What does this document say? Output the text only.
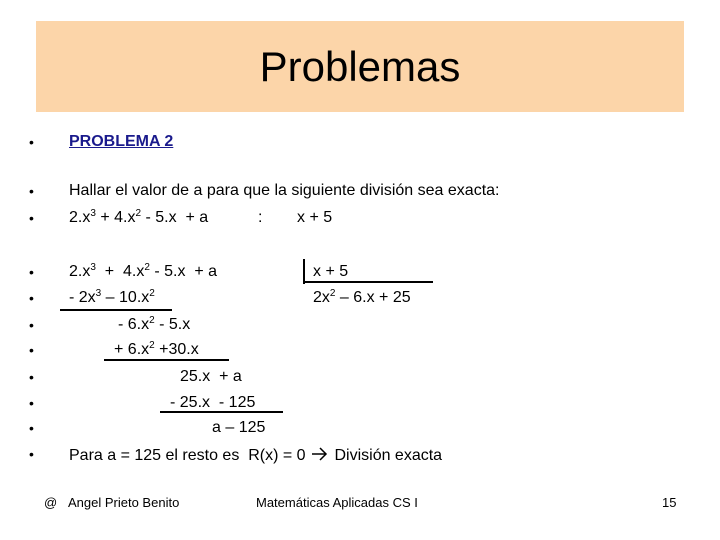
Problemas
•
•
•
•
•
•
•
•
•
•
•
PROBLEMA 2
Hallar el valor de a para que la siguiente división sea exacta:
$2.x^3 + 4.x^2 - 5.x + a$	: x + 5
$2.x^3 + 4.x^2 - 5.x + a$	x + 5
- $2x^3 - 10.x^2$	$2x^2 - 6.x + 25$
- $6.x^2 - 5.x$
+ $6.x^2 +30.x$
25.x  + a
- 25.x  - 125
a – 125
Para a = 125 el resto es  R(x) = 0 División exacta
@ Angel Prieto Benito	Matemáticas Aplicadas CS I	15
